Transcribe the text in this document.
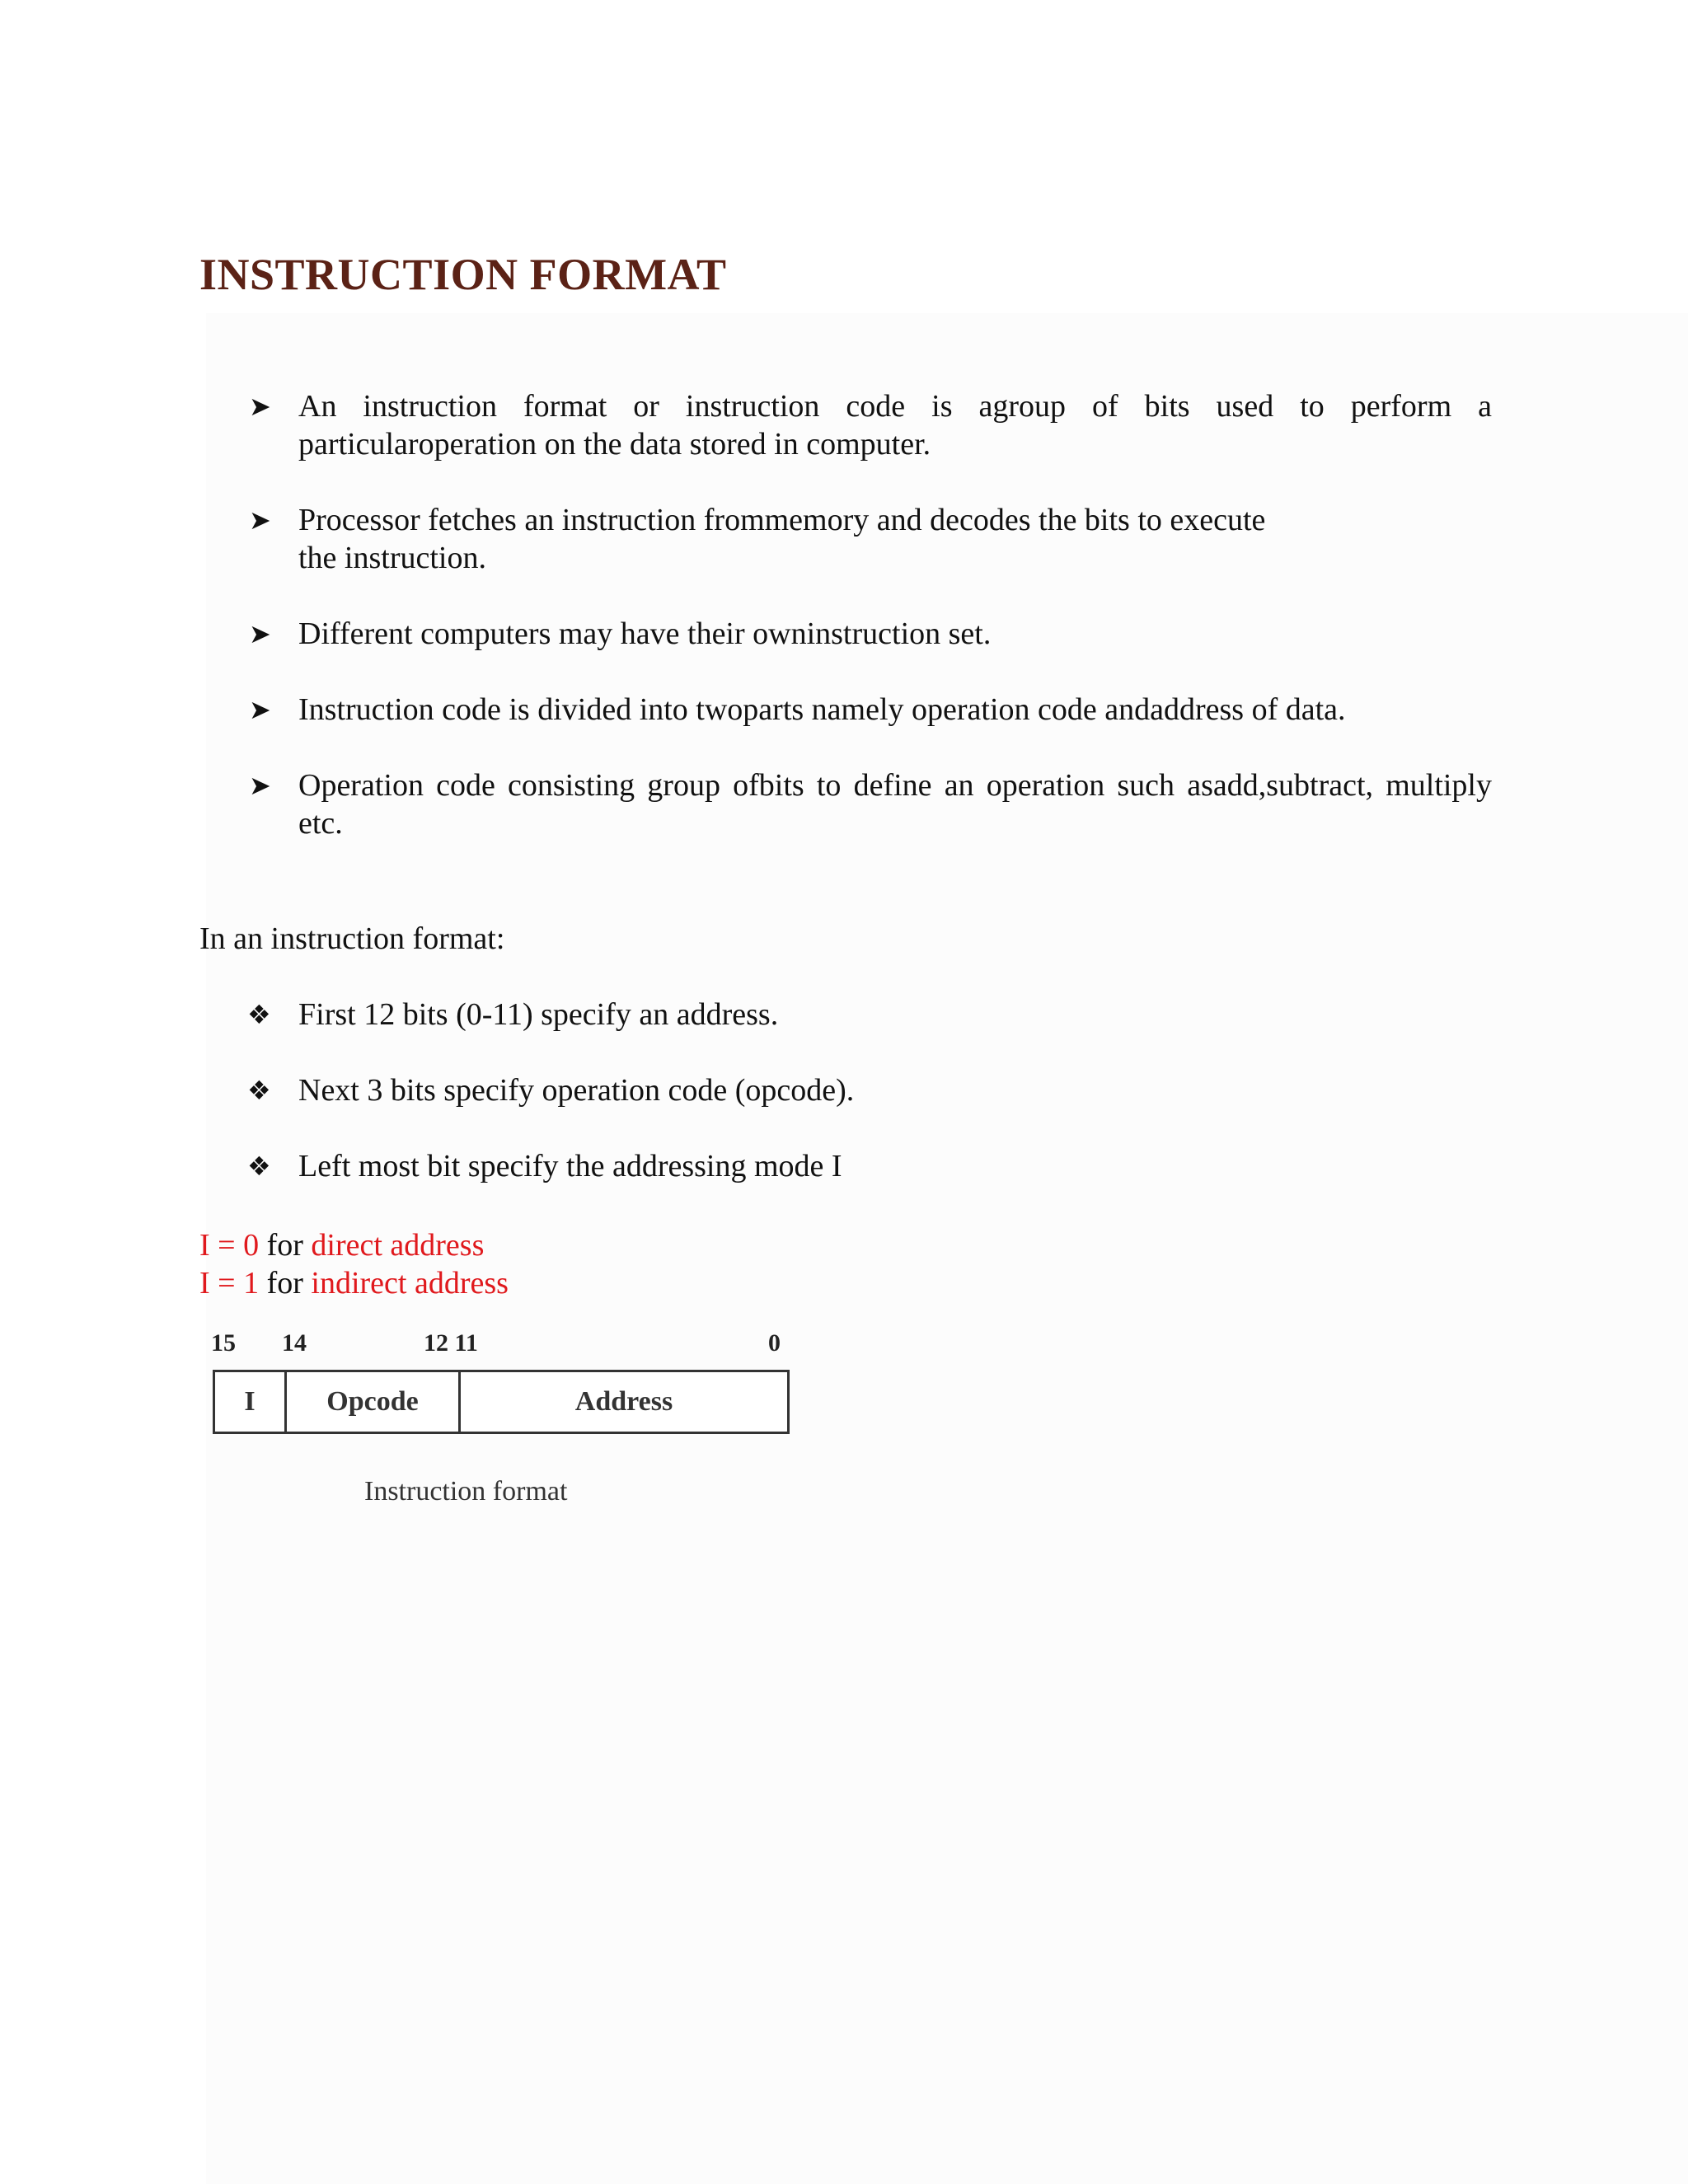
INSTRUCTION FORMAT
➤ An instruction format or instruction code is agroup of bits used to perform a particularoperation on the data stored in computer.
➤ Processor fetches an instruction frommemory and decodes the bits to execute
the instruction.
➤ Different computers may have their owninstruction set.
➤ Instruction code is divided into twoparts namely operation code andaddress of data.
➤ Operation code consisting group ofbits to define an operation such asadd,subtract, multiply etc.

In an instruction format:

❖ First 12 bits (0-11) specify an address.
❖ Next 3 bits specify operation code (opcode).
❖ Left most bit specify the addressing mode I
I = 0 for direct address
I = 1 for indirect address
15 14	12 11	0
I	Opcode	Address
Instruction format
